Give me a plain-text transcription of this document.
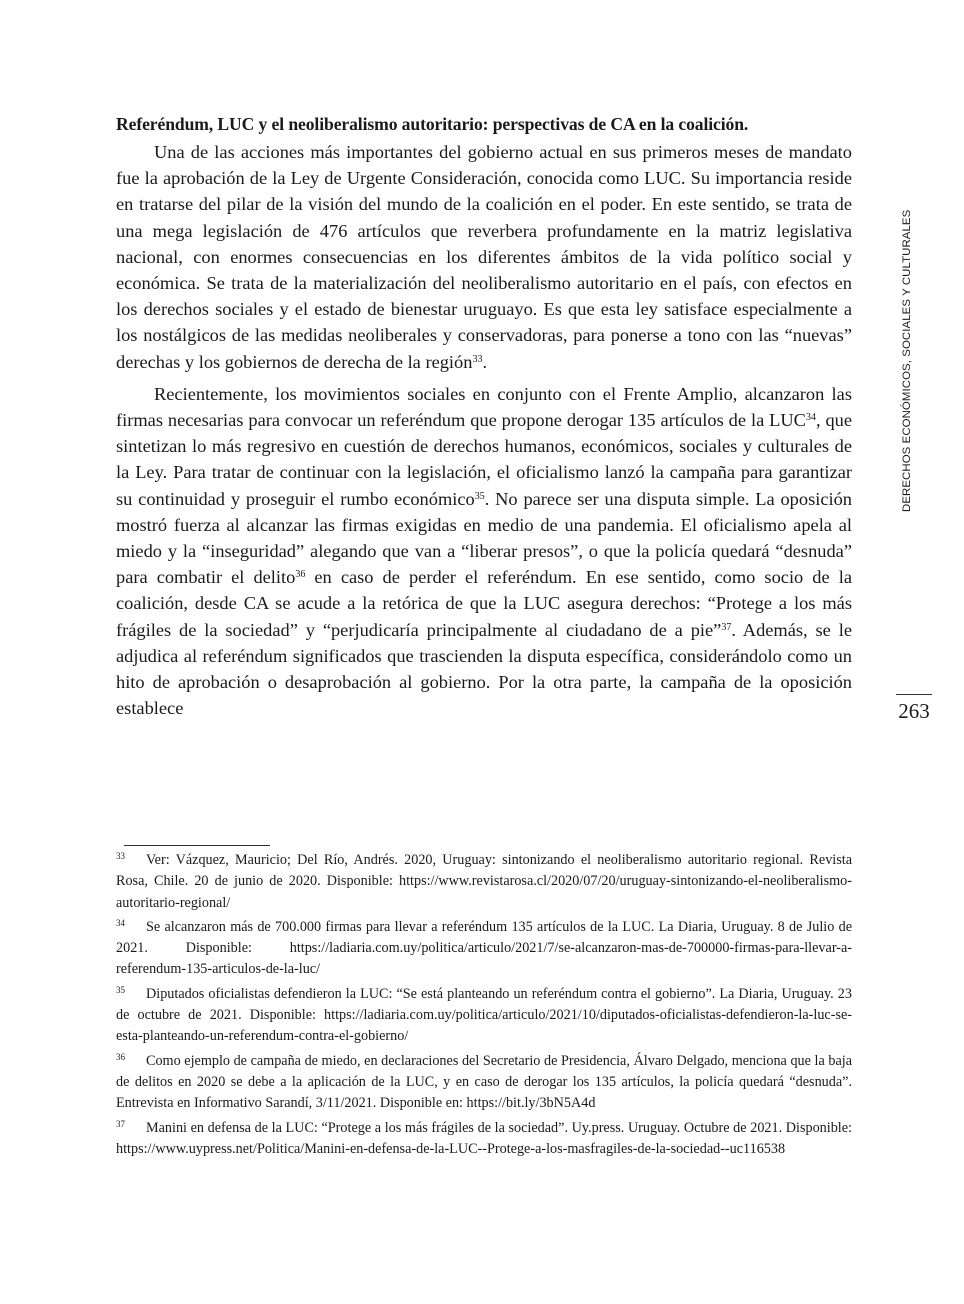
Referéndum, LUC y el neoliberalismo autoritario: perspectivas de CA en la coalición.

Una de las acciones más importantes del gobierno actual en sus primeros meses de mandato fue la aprobación de la Ley de Urgente Consideración, conocida como LUC. Su importancia reside en tratarse del pilar de la visión del mundo de la coalición en el poder. En este sentido, se trata de una mega legislación de 476 artículos que reverbera profundamente en la matriz legislativa nacional, con enormes consecuencias en los diferentes ámbitos de la vida político social y económica. Se trata de la materialización del neoliberalismo autoritario en el país, con efectos en los derechos sociales y el estado de bienestar uruguayo. Es que esta ley satisface especialmente a los nostálgicos de las medidas neoliberales y conservadoras, para ponerse a tono con las “nuevas” derechas y los gobiernos de derecha de la región$^{33}$.

Recientemente, los movimientos sociales en conjunto con el Frente Amplio, alcanzaron las firmas necesarias para convocar un referéndum que propone derogar 135 artículos de la LUC$^{34}$, que sintetizan lo más regresivo en cuestión de derechos humanos, económicos, sociales y culturales de la Ley. Para tratar de continuar con la legislación, el oficialismo lanzó la campaña para garantizar su continuidad y proseguir el rumbo económico$^{35}$. No parece ser una disputa simple. La oposición mostró fuerza al alcanzar las firmas exigidas en medio de una pandemia. El oficialismo apela al miedo y la “inseguridad” alegando que van a “liberar presos”, o que la policía quedará “desnuda” para combatir el delito$^{36}$ en caso de perder el referéndum. En ese sentido, como socio de la coalición, desde CA se acude a la retórica de que la LUC asegura derechos: “Protege a los más frágiles de la sociedad” y “perjudicaría principalmente al ciudadano de a pie”$^{37}$. Además, se le adjudica al referéndum significados que trascienden la disputa específica, considerándolo como un hito de aprobación o desaprobación al gobierno. Por la otra parte, la campaña de la oposición establece

DERECHOS ECONÓMICOS, SOCIALES Y CULTURALES
263

33 Ver: Vázquez, Mauricio; Del Río, Andrés. 2020, Uruguay: sintonizando el neoliberalismo autoritario regional. Revista Rosa, Chile. 20 de junio de 2020. Disponible: https://www.revistarosa.cl/2020/07/20/uruguay-sintonizando-el-neoliberalismo-autoritario-regional/

34 Se alcanzaron más de 700.000 firmas para llevar a referéndum 135 artículos de la LUC. La Diaria, Uruguay. 8 de Julio de 2021. Disponible: https://ladiaria.com.uy/politica/articulo/2021/7/se-alcanzaron-mas-de-700000-firmas-para-llevar-a-referendum-135-articulos-de-la-luc/

35 Diputados oficialistas defendieron la LUC: “Se está planteando un referéndum contra el gobierno”. La Diaria, Uruguay. 23 de octubre de 2021. Disponible: https://ladiaria.com.uy/politica/articulo/2021/10/diputados-oficialistas-defendieron-la-luc-se-esta-planteando-un-referendum-contra-el-gobierno/

36 Como ejemplo de campaña de miedo, en declaraciones del Secretario de Presidencia, Álvaro Delgado, menciona que la baja de delitos en 2020 se debe a la aplicación de la LUC, y en caso de derogar los 135 artículos, la policía quedará “desnuda”. Entrevista en Informativo Sarandí, 3/11/2021. Disponible en: https://bit.ly/3bN5A4d

37 Manini en defensa de la LUC: “Protege a los más frágiles de la sociedad”. Uy.press. Uruguay. Octubre de 2021. Disponible: https://www.uypress.net/Politica/Manini-en-defensa-de-la-LUC--Protege-a-los-masfragiles-de-la-sociedad--uc116538
